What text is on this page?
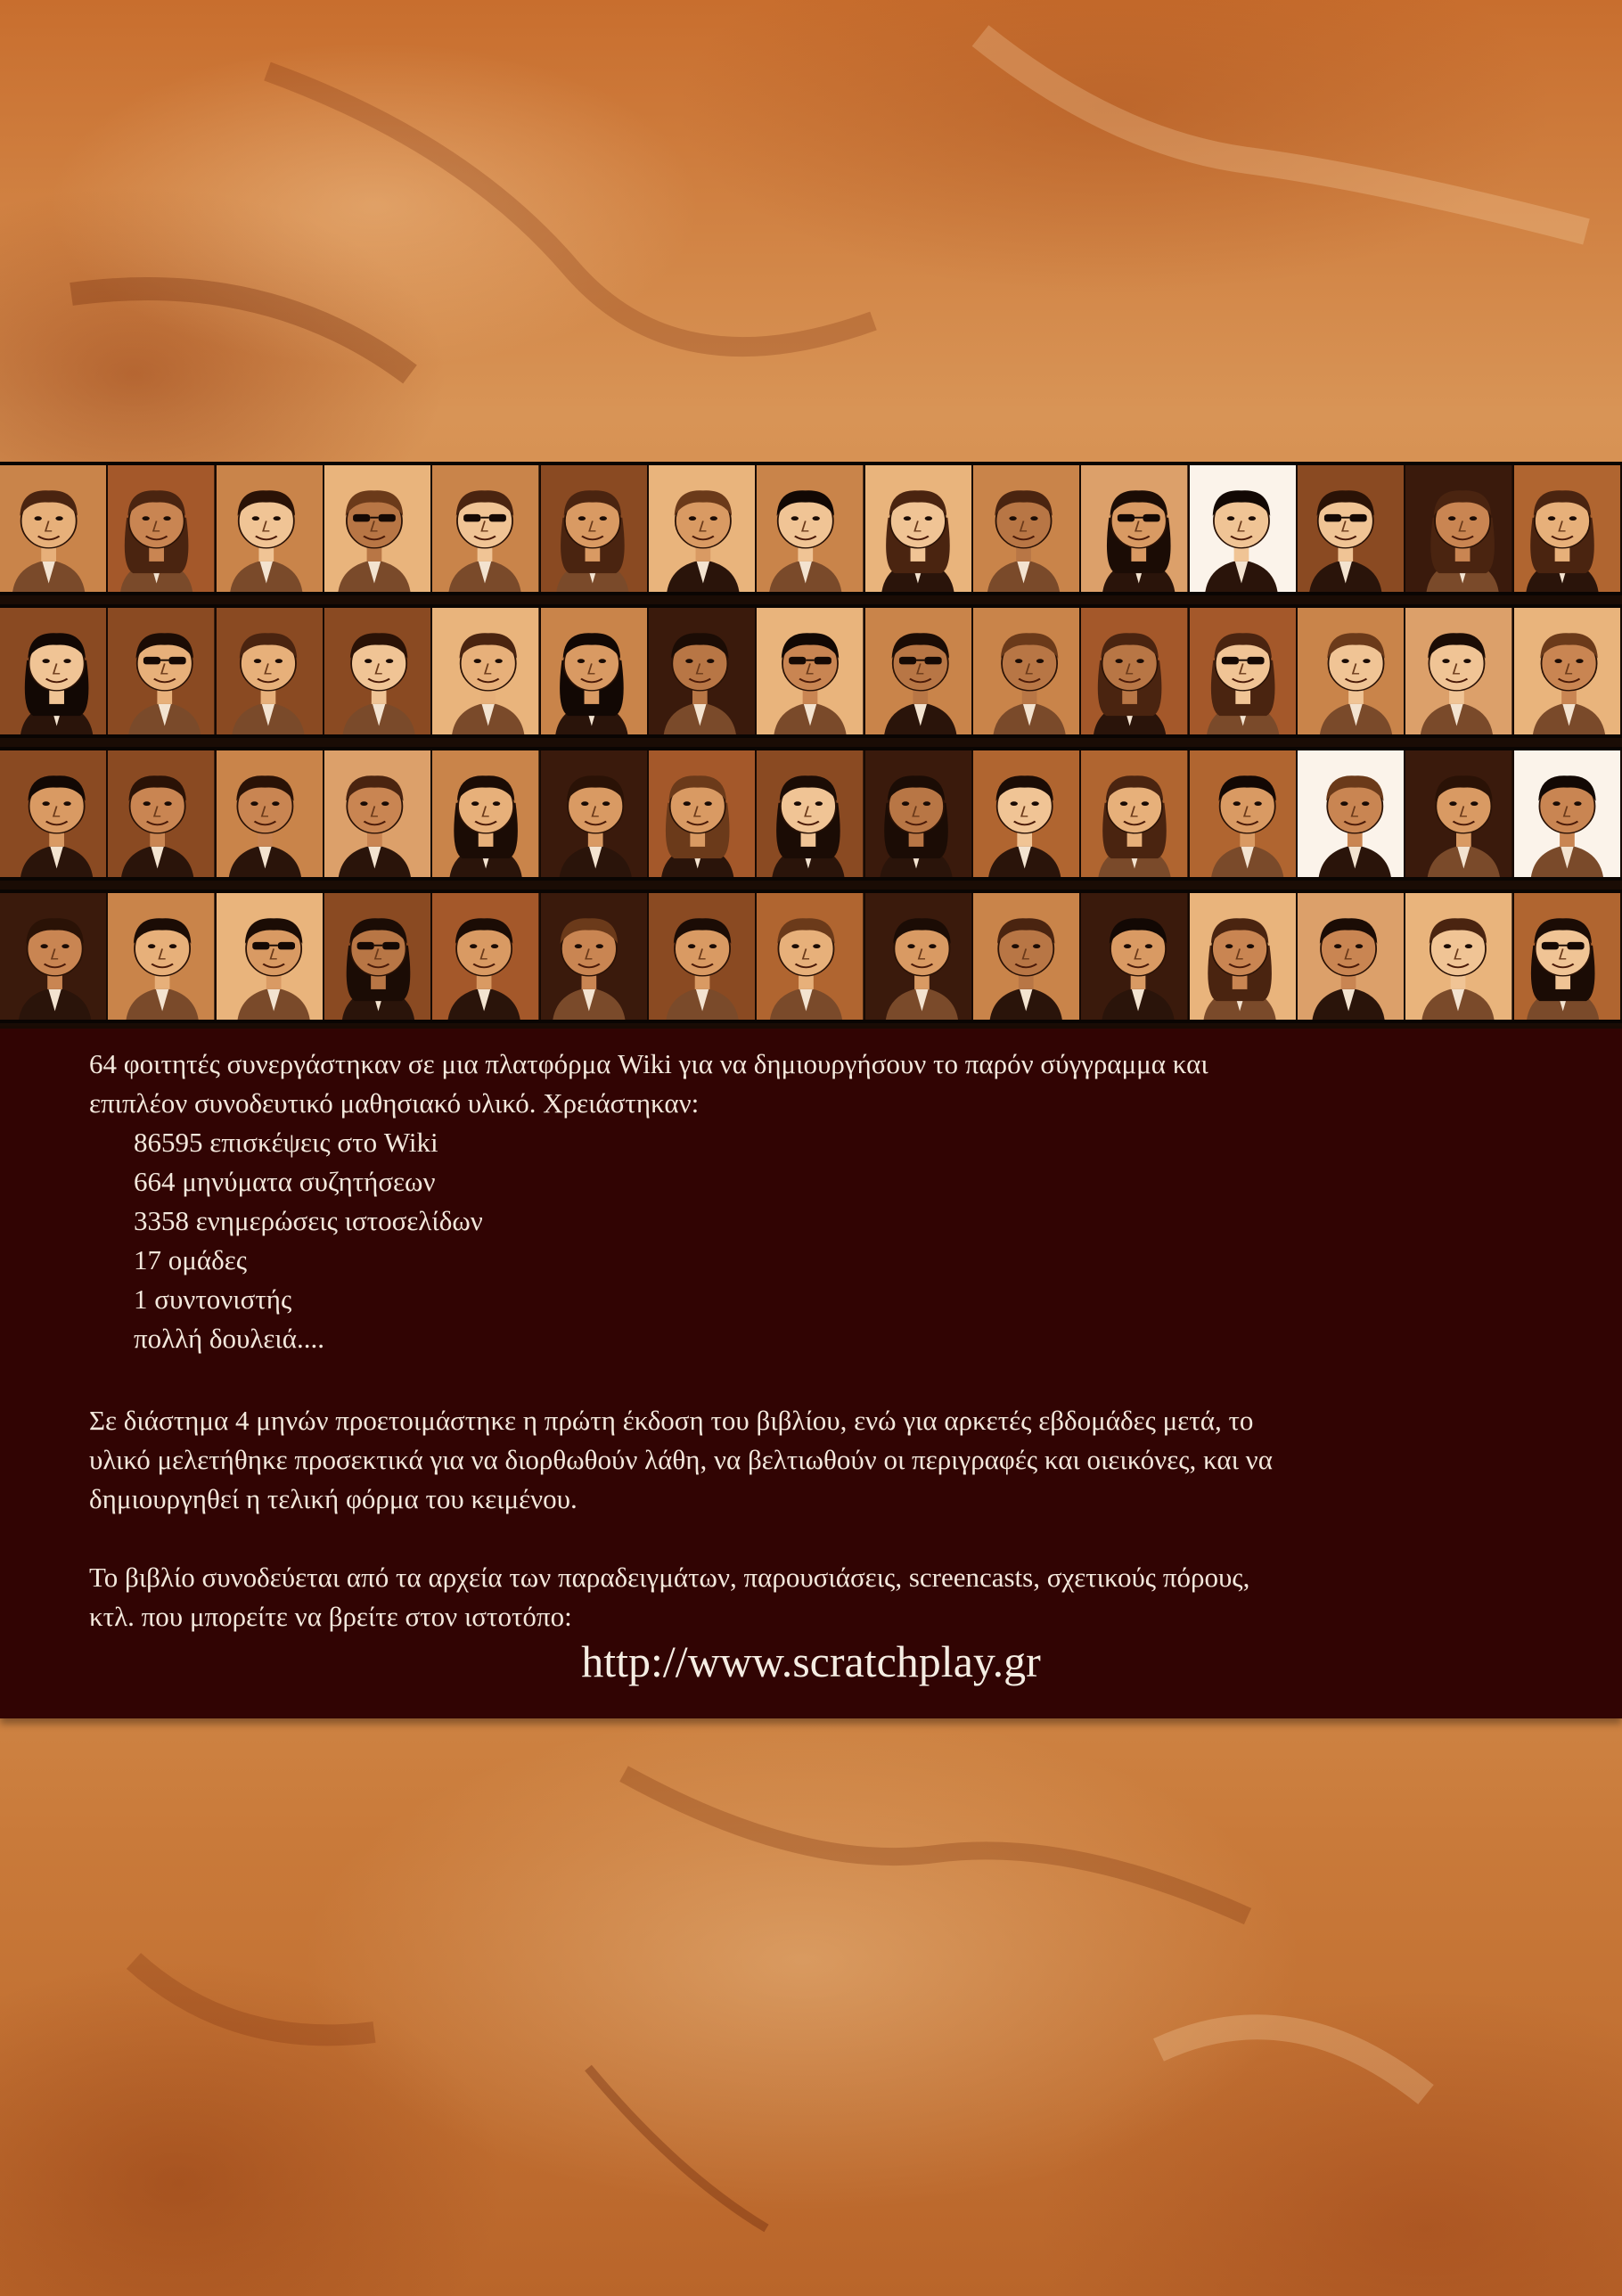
64 φοιτητές συνεργάστηκαν σε μια πλατφόρμα Wiki για να δημιουργήσουν το παρόν σύγγραμμα και
επιπλέον συνοδευτικό μαθησιακό υλικό. Χρειάστηκαν:

86595 επισκέψεις στο Wiki
664 μηνύματα συζητήσεων
3358 ενημερώσεις ιστοσελίδων
17 ομάδες
1 συντονιστής
πολλή δουλειά....

Σε διάστημα 4 μηνών προετοιμάστηκε η πρώτη έκδοση του βιβλίου, ενώ για αρκετές εβδομάδες μετά, το
υλικό μελετήθηκε προσεκτικά για να διορθωθούν λάθη, να βελτιωθούν οι περιγραφές και οιεικόνες, και να
δημιουργηθεί η τελική φόρμα του κειμένου.

Το βιβλίο συνοδεύεται από τα αρχεία των παραδειγμάτων, παρουσιάσεις, screencasts, σχετικούς πόρους,
κτλ. που μπορείτε να βρείτε στον ιστοτόπο:

http://www.scratchplay.gr
